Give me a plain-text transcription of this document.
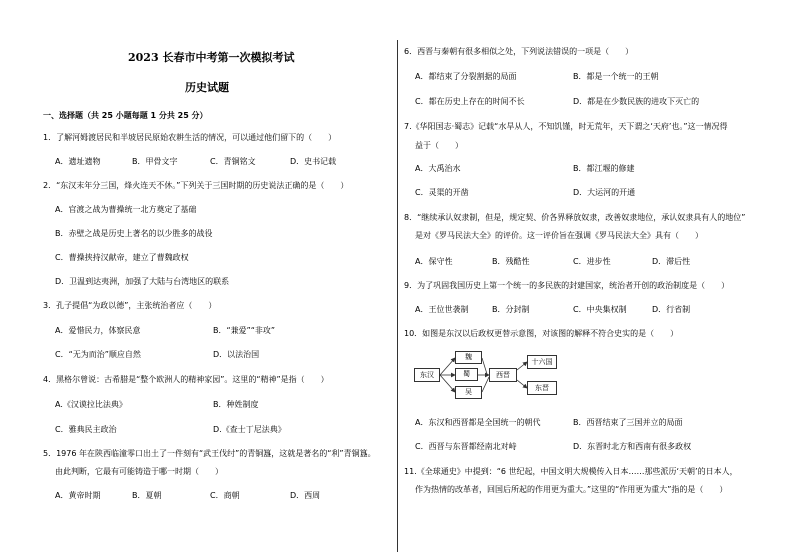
2023 长春市中考第一次模拟考试
历史试题
一、选择题（共 25 小题每题 1 分共 25 分）
1．了解河姆渡居民和半坡居民原始农耕生活的情况，可以通过他们留下的（　　）
A．遗址遗物	B．甲骨文字	C．青铜铭文	D．史书记载
2．“东汉末年分三国，烽火连天不休。”下列关于三国时期的历史说法正确的是（　　）
A．官渡之战为曹操统一北方奠定了基础
B．赤壁之战是历史上著名的以少胜多的战役
C．曹操挟持汉献帝，建立了曹魏政权
D．卫温到达夷洲，加强了大陆与台湾地区的联系
3．孔子提倡“为政以德”，主张统治者应（　　）
A．爱惜民力，体察民意	B．“兼爱”“非攻”
C．“无为而治”顺应自然	D．以法治国
4．黑格尔曾说：古希腊是“整个欧洲人的精神家园”。这里的“精神”是指（　　）
A.《汉谟拉比法典》	B．种姓制度
C．雅典民主政治	D.《查士丁尼法典》
5．1976 年在陕西临潼零口出土了一件刻有“武王伐纣”的青铜簋，这就是著名的“利”青铜簋。
由此判断，它最有可能铸造于哪一时期（　　）
A．黄帝时期	B．夏朝	C．商朝	D．西周
6．西晋与秦朝有很多相似之处，下列说法错误的一项是（　　）
A．都结束了分裂割据的局面	B．都是一个统一的王朝
C．都在历史上存在的时间不长	D．都是在少数民族的进攻下灭亡的
7.《华阳国志·蜀志》记载“水旱从人，不知饥馑，时无荒年，天下谓之‘天府’也。”这一情况得
益于（　　）
A．大禹治水	B．都江堰的修建
C．灵渠的开凿	D．大运河的开通
8．“继续承认奴隶制，但是，规定契、价各界释放奴隶，改善奴隶地位，承认奴隶具有人的地位”
是对《罗马民法大全》的评价。这一评价旨在强调《罗马民法大全》具有（　　）
A．保守性	B．残酷性	C．进步性	D．滞后性
9．为了巩固我国历史上第一个统一的多民族的封建国家，统治者开创的政治制度是（　　）
A．王位世袭制	B．分封制	C．中央集权制	D．行省制
10．如图是东汉以后政权更替示意图，对该图的解释不符合史实的是（　　）
东汉
魏
蜀
吴
西晋
十六国
东晋
A．东汉和西晋都是全国统一的朝代	B．西晋结束了三国并立的局面
C．西晋与东晋都经南北对峙	D．东晋时北方和西南有很多政权
11.《全球通史》中提到：“6 世纪起，中国文明大规模传入日本……那些派历‘天朝’的日本人，
作为热情的改革者，回国后所起的作用更为重大。”这里的“作用更为重大”指的是（　　）
